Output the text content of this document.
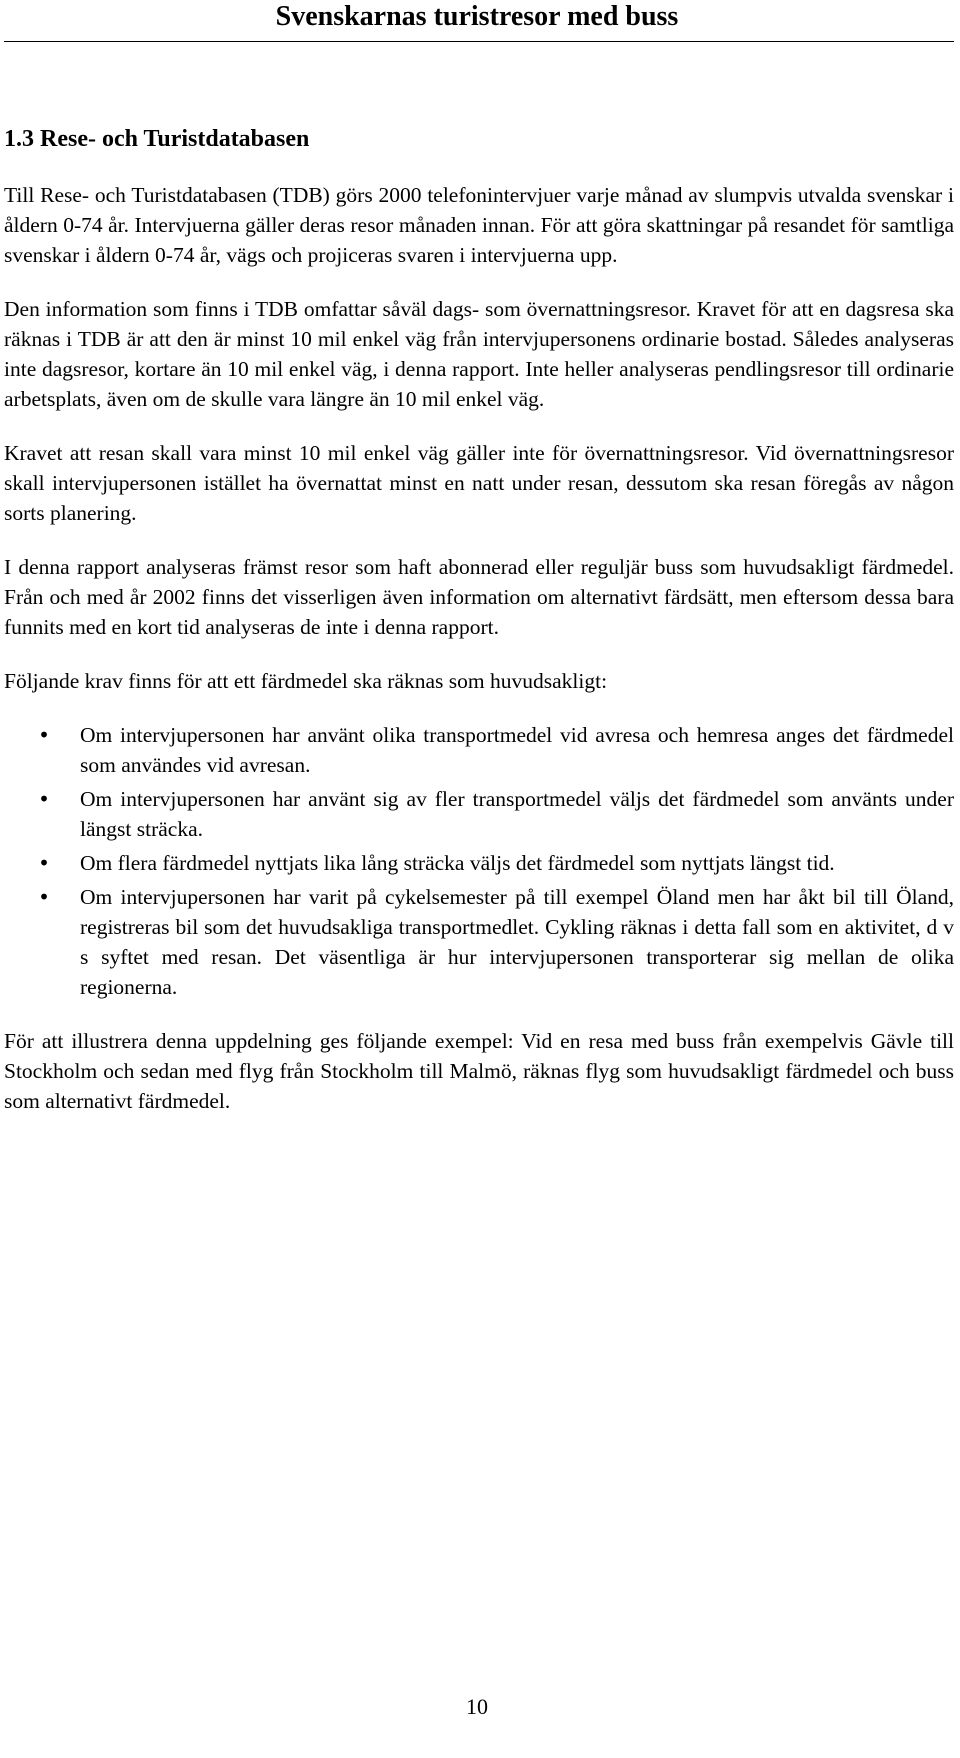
Svenskarnas turistresor med buss
1.3 Rese- och Turistdatabasen

Till Rese- och Turistdatabasen (TDB) görs 2000 telefonintervjuer varje månad av slumpvis utvalda svenskar i åldern 0-74 år. Intervjuerna gäller deras resor månaden innan. För att göra skattningar på resandet för samtliga svenskar i åldern 0-74 år, vägs och projiceras svaren i intervjuerna upp.

Den information som finns i TDB omfattar såväl dags- som övernattningsresor. Kravet för att en dagsresa ska räknas i TDB är att den är minst 10 mil enkel väg från intervjupersonens ordinarie bostad. Således analyseras inte dagsresor, kortare än 10 mil enkel väg, i denna rapport. Inte heller analyseras pendlingsresor till ordinarie arbetsplats, även om de skulle vara längre än 10 mil enkel väg.

Kravet att resan skall vara minst 10 mil enkel väg gäller inte för övernattningsresor. Vid övernattningsresor skall intervjupersonen istället ha övernattat minst en natt under resan, dessutom ska resan föregås av någon sorts planering.

I denna rapport analyseras främst resor som haft abonnerad eller reguljär buss som huvudsakligt färdmedel. Från och med år 2002 finns det visserligen även information om alternativt färdsätt, men eftersom dessa bara funnits med en kort tid analyseras de inte i denna rapport.

Följande krav finns för att ett färdmedel ska räknas som huvudsakligt:

• Om intervjupersonen har använt olika transportmedel vid avresa och hemresa anges det färdmedel som användes vid avresan.
• Om intervjupersonen har använt sig av fler transportmedel väljs det färdmedel som använts under längst sträcka.
• Om flera färdmedel nyttjats lika lång sträcka väljs det färdmedel som nyttjats längst tid.
• Om intervjupersonen har varit på cykelsemester på till exempel Öland men har åkt bil till Öland, registreras bil som det huvudsakliga transportmedlet. Cykling räknas i detta fall som en aktivitet, d v s syftet med resan. Det väsentliga är hur intervjupersonen transporterar sig mellan de olika regionerna.

För att illustrera denna uppdelning ges följande exempel: Vid en resa med buss från exempelvis Gävle till Stockholm och sedan med flyg från Stockholm till Malmö, räknas flyg som huvudsakligt färdmedel och buss som alternativt färdmedel.

10
